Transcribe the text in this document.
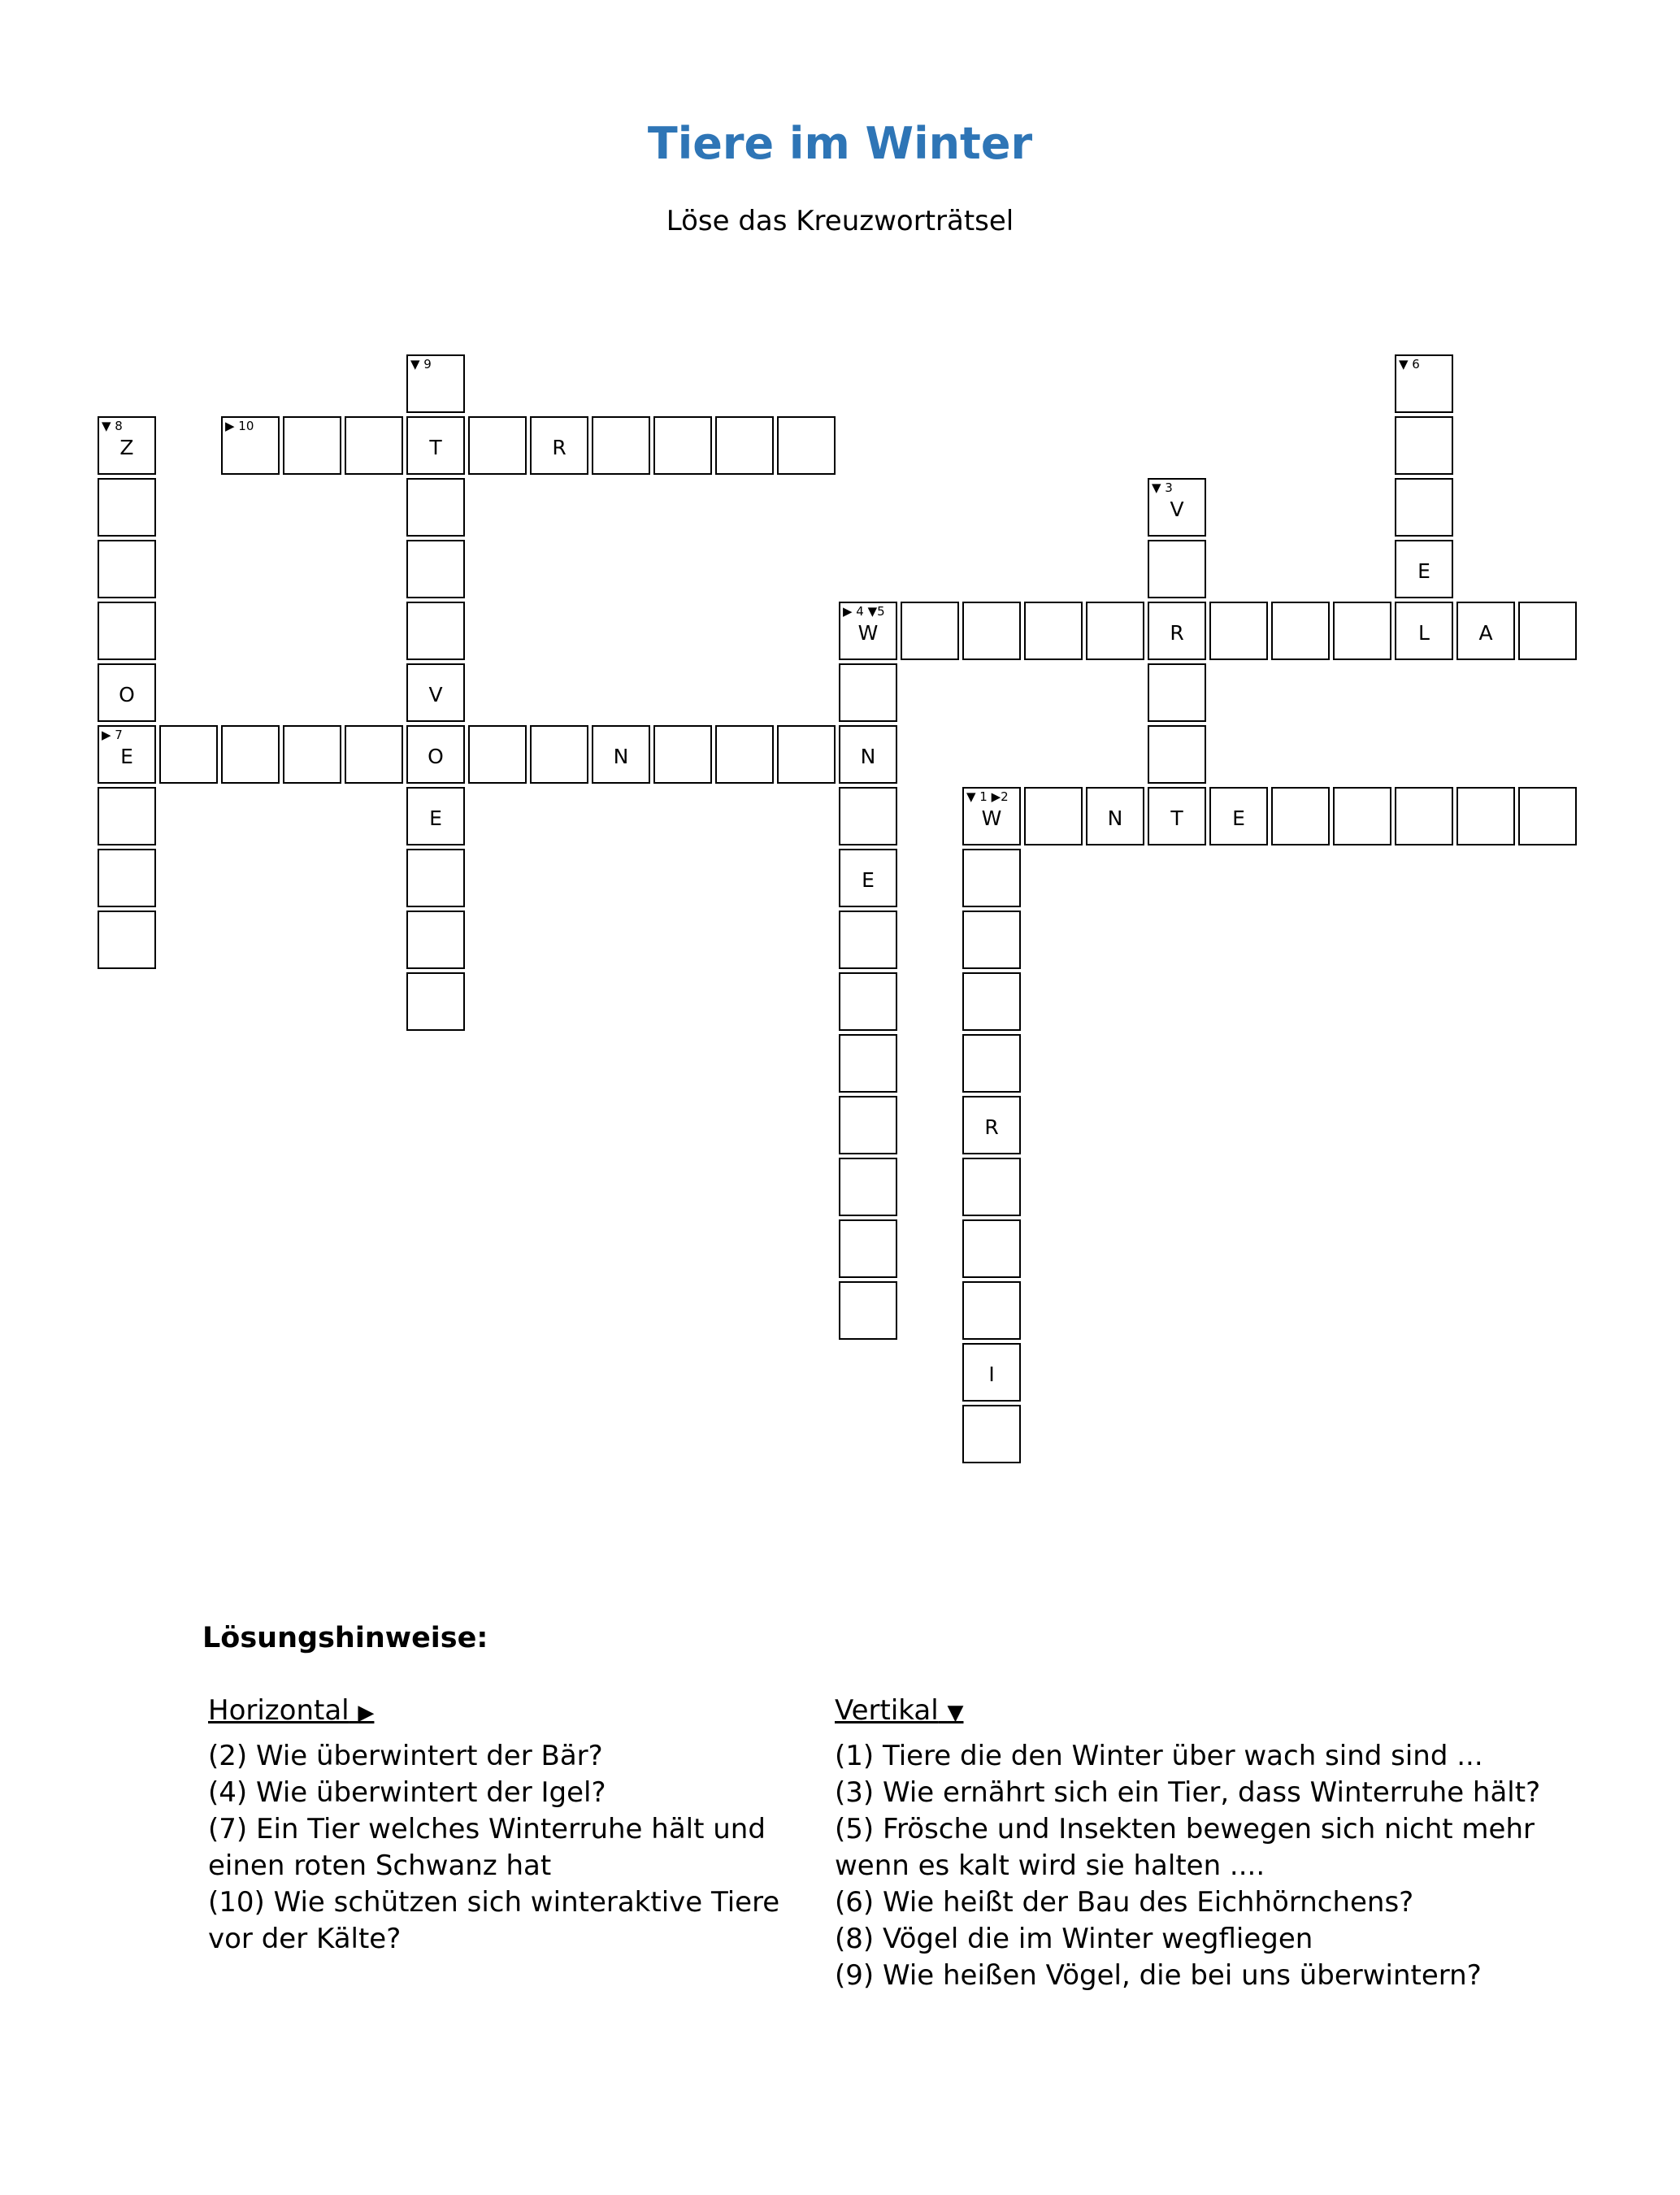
Tiere im Winter
Löse das Kreuzworträtsel
▼ 9	▼ 6
▼ 8
Z
▶ 10
T	R
▼ 3
V
E
▶ 4 ▼5
W	R	L	A
O	V
▶ 7
E	O	N	N
E
▼ 1 ▶2
W	N	T	E
E
R
I
Lösungshinweise:
Horizontal ▶

(2) Wie überwintert der Bär?

(4) Wie überwintert der Igel?

(7) Ein Tier welches Winterruhe hält und einen roten Schwanz hat

(10) Wie schützen sich winteraktive Tiere vor der Kälte?

Vertikal ▼

(1) Tiere die den Winter über wach sind sind ...

(3) Wie ernährt sich ein Tier, dass Winterruhe hält?

(5) Frösche und Insekten bewegen sich nicht mehr wenn es kalt wird sie halten ....

(6) Wie heißt der Bau des Eichhörnchens?

(8) Vögel die im Winter wegfliegen

(9) Wie heißen Vögel, die bei uns überwintern?
